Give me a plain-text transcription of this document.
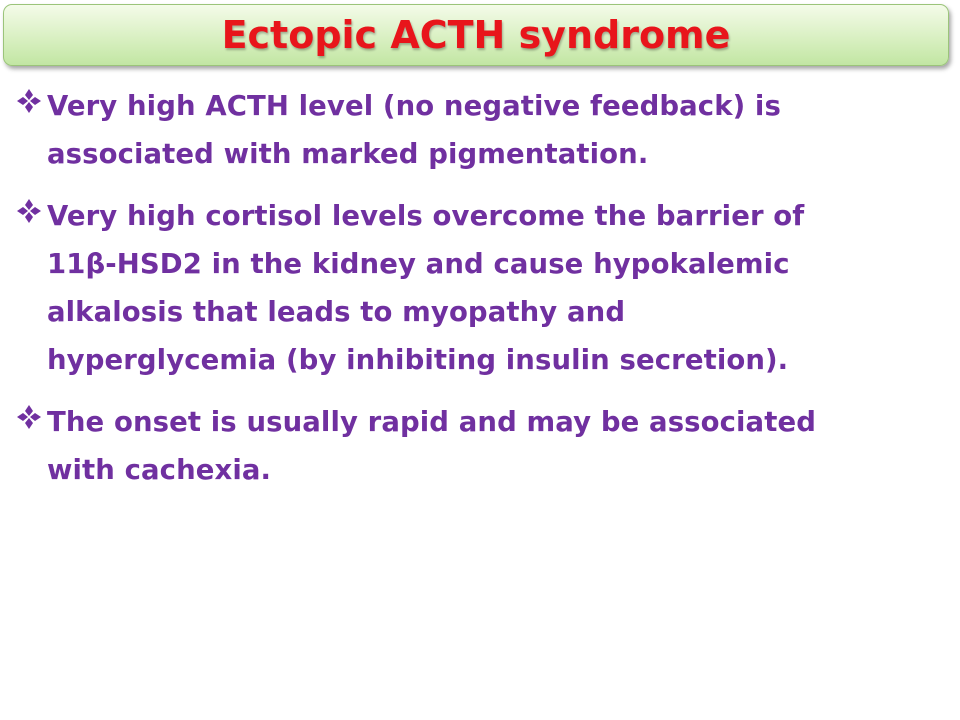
Ectopic ACTH syndrome

Very high ACTH level (no negative feedback) is
associated with marked pigmentation.

Very high cortisol levels overcome the barrier of
11β-HSD2 in the kidney and cause hypokalemic
alkalosis that leads to myopathy and
hyperglycemia (by inhibiting insulin secretion).

The onset is usually rapid and may be associated
with cachexia.
